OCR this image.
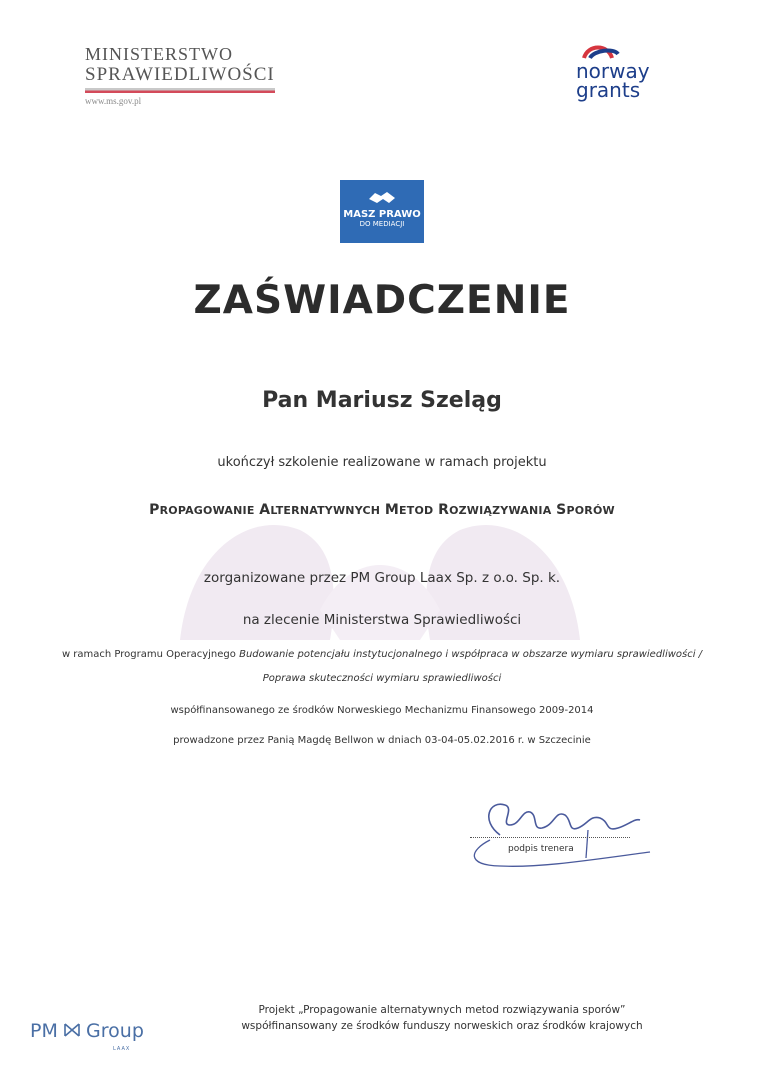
MINISTERSTWO
SPRAWIEDLIWOŚCI
www.ms.gov.pl
norway
grants
MASZ PRAWO
DO MEDIACJI
ZAŚWIADCZENIE
Pan Mariusz Szeląg
ukończył szkolenie realizowane w ramach projektu
PROPAGOWANIE ALTERNATYWNYCH METOD ROZWIĄZYWANIA SPORÓW
zorganizowane przez PM Group Laax Sp. z o.o. Sp. k.
na zlecenie Ministerstwa Sprawiedliwości
w ramach Programu Operacyjnego Budowanie potencjału instytucjonalnego i współpraca w obszarze wymiaru sprawiedliwości /
Poprawa skuteczności wymiaru sprawiedliwości
współfinansowanego ze środków Norweskiego Mechanizmu Finansowego 2009-2014
prowadzone przez Panią Magdę Bellwon w dniach 03-04-05.02.2016 r. w Szczecinie
podpis trenera
PM Group
LAAX
Projekt „Propagowanie alternatywnych metod rozwiązywania sporów”
współfinansowany ze środków funduszy norweskich oraz środków krajowych
